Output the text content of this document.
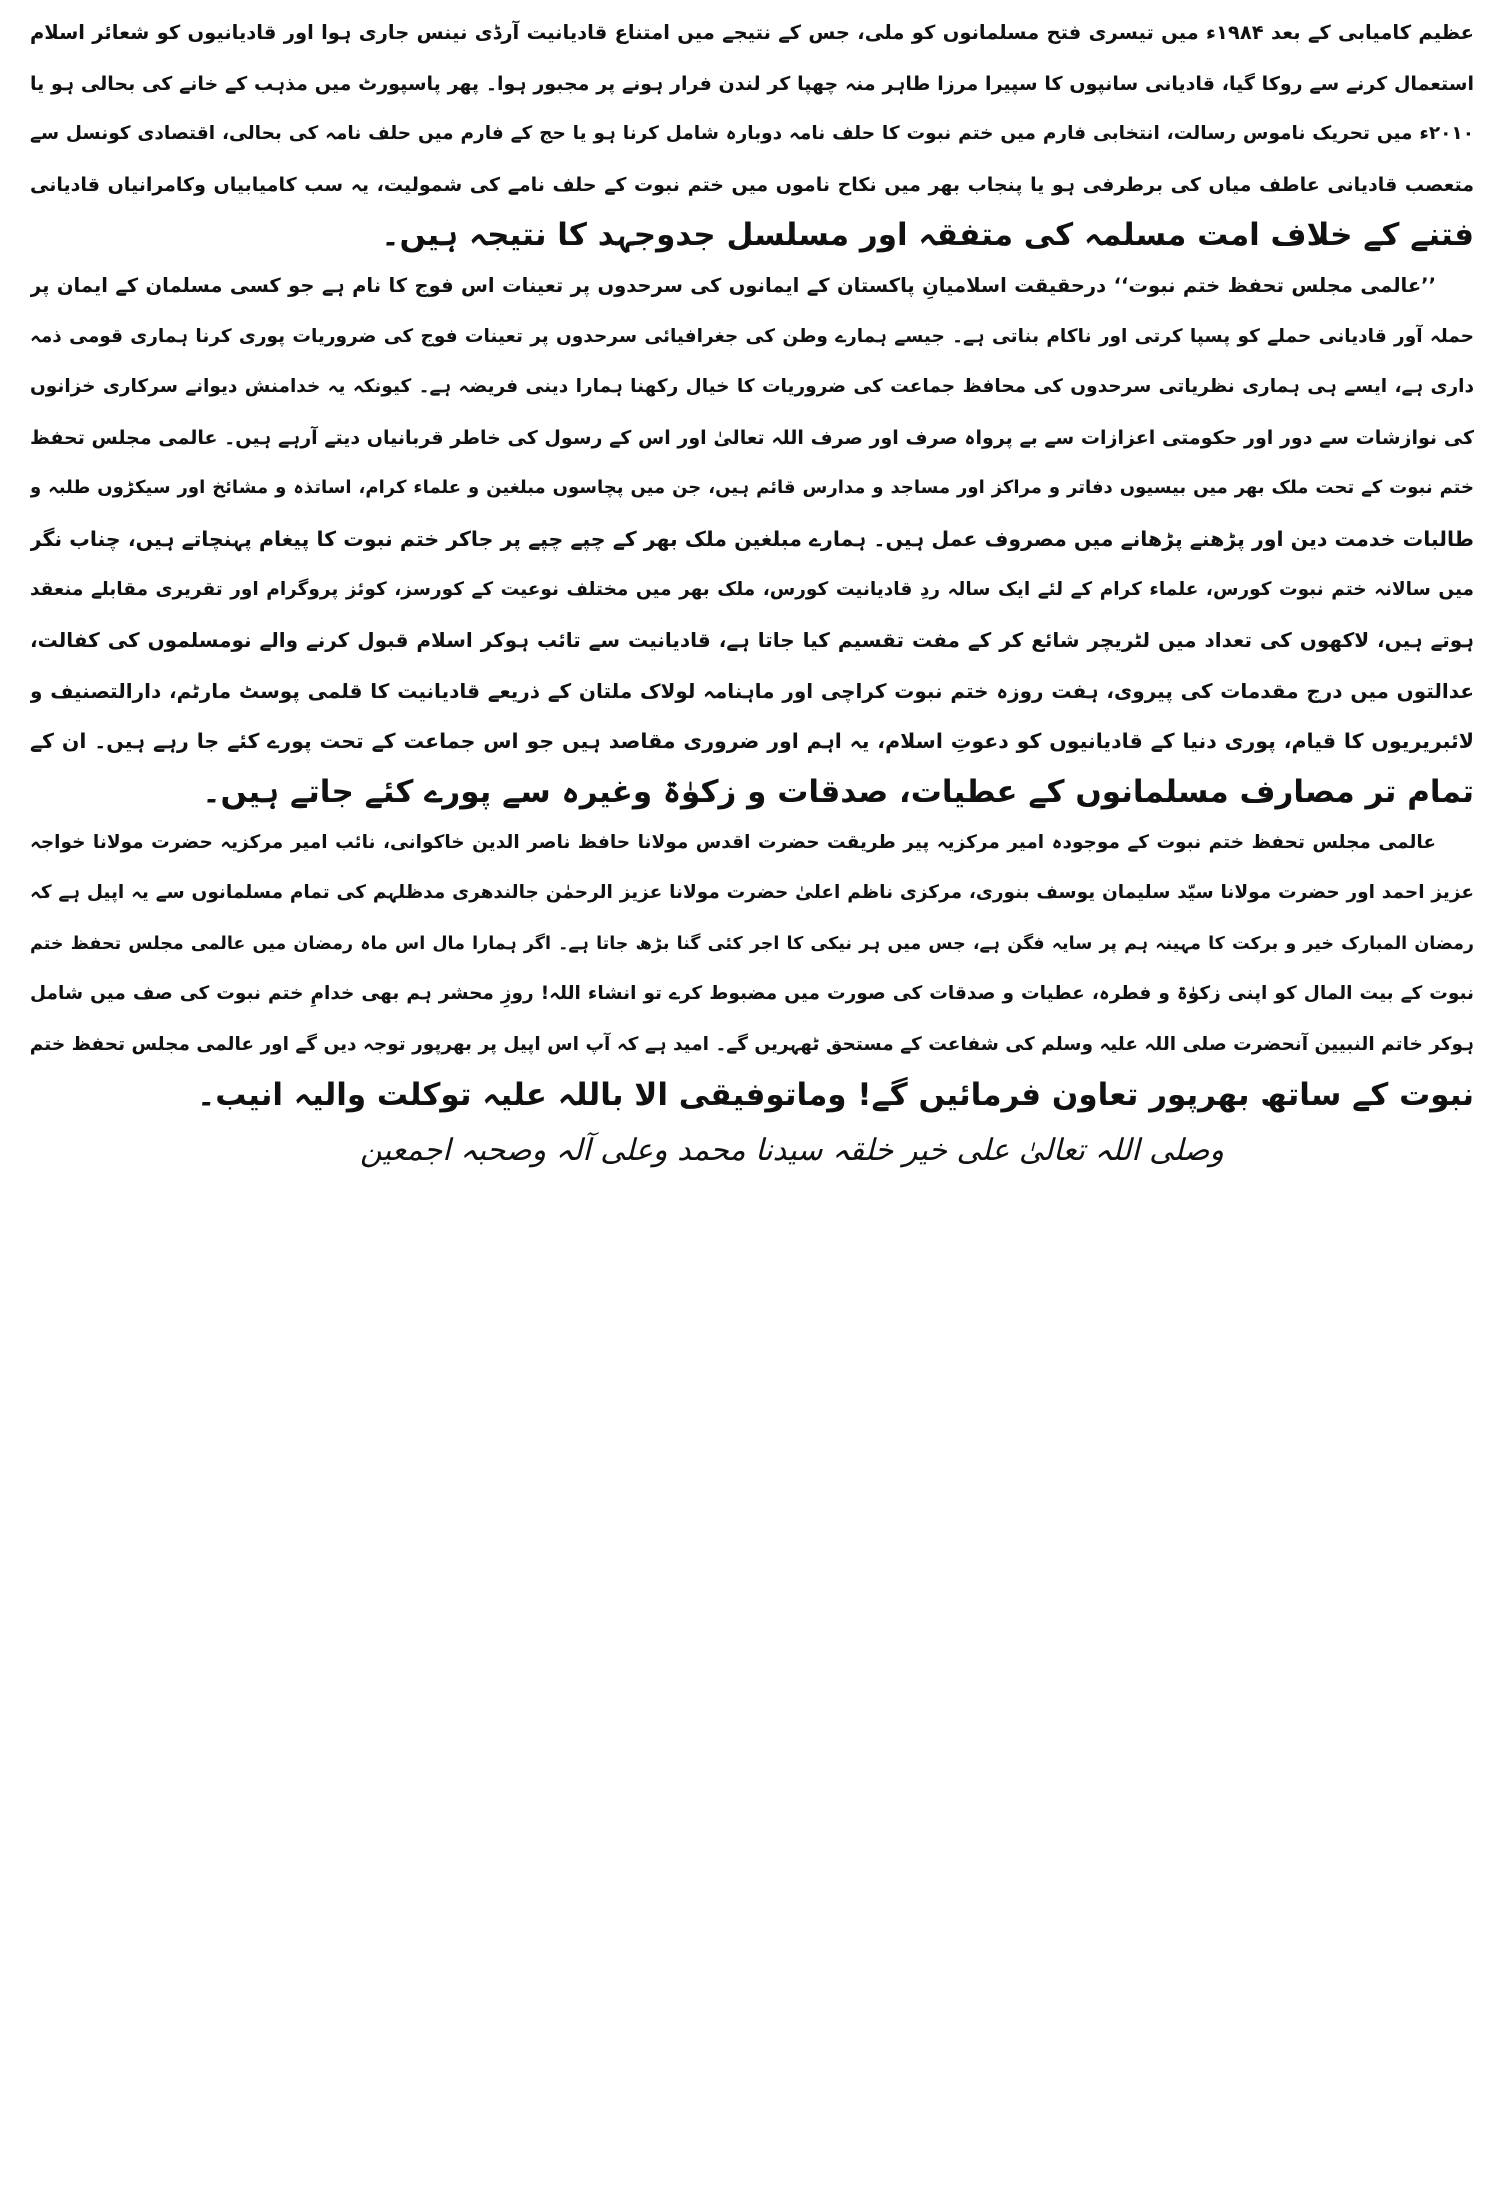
عظیم کامیابی کے بعد ۱۹۸۴ء میں تیسری فتح مسلمانوں کو ملی، جس کے نتیجے میں امتناع قادیانیت آرڈی نینس جاری ہوا اور قادیانیوں کو شعائر اسلام
استعمال کرنے سے روکا گیا، قادیانی سانپوں کا سپیرا مرزا طاہر منہ چھپا کر لندن فرار ہونے پر مجبور ہوا۔ پھر پاسپورٹ میں مذہب کے خانے کی بحالی ہو یا
۲۰۱۰ء میں تحریک ناموس رسالت، انتخابی فارم میں ختم نبوت کا حلف نامہ دوبارہ شامل کرنا ہو یا حج کے فارم میں حلف نامہ کی بحالی، اقتصادی کونسل سے
متعصب قادیانی عاطف میاں کی برطرفی ہو یا پنجاب بھر میں نکاح ناموں میں ختم نبوت کے حلف نامے کی شمولیت، یہ سب کامیابیاں وکامرانیاں قادیانی
فتنے کے خلاف امت مسلمہ کی متفقہ اور مسلسل جدوجہد کا نتیجہ ہیں۔
’’عالمی مجلس تحفظ ختم نبوت‘‘ درحقیقت اسلامیانِ پاکستان کے ایمانوں کی سرحدوں پر تعینات اس فوج کا نام ہے جو کسی مسلمان کے ایمان پر
حملہ آور قادیانی حملے کو پسپا کرتی اور ناکام بناتی ہے۔ جیسے ہمارے وطن کی جغرافیائی سرحدوں پر تعینات فوج کی ضروریات پوری کرنا ہماری قومی ذمہ
داری ہے، ایسے ہی ہماری نظریاتی سرحدوں کی محافظ جماعت کی ضروریات کا خیال رکھنا ہمارا دینی فریضہ ہے۔ کیونکہ یہ خدامنش دیوانے سرکاری خزانوں
کی نوازشات سے دور اور حکومتی اعزازات سے بے پرواہ صرف اور صرف اللہ تعالیٰ اور اس کے رسول کی خاطر قربانیاں دیتے آرہے ہیں۔ عالمی مجلس تحفظ
ختم نبوت کے تحت ملک بھر میں بیسیوں دفاتر و مراکز اور مساجد و مدارس قائم ہیں، جن میں پچاسوں مبلغین و علماء کرام، اساتذہ و مشائخ اور سیکڑوں طلبہ و
طالبات خدمت دین اور پڑھنے پڑھانے میں مصروف عمل ہیں۔ ہمارے مبلغین ملک بھر کے چپے چپے پر جاکر ختم نبوت کا پیغام پہنچاتے ہیں، چناب نگر
میں سالانہ ختم نبوت کورس، علماء کرام کے لئے ایک سالہ ردِ قادیانیت کورس، ملک بھر میں مختلف نوعیت کے کورسز، کوئز پروگرام اور تقریری مقابلے منعقد
ہوتے ہیں، لاکھوں کی تعداد میں لٹریچر شائع کر کے مفت تقسیم کیا جاتا ہے، قادیانیت سے تائب ہوکر اسلام قبول کرنے والے نومسلموں کی کفالت،
عدالتوں میں درج مقدمات کی پیروی، ہفت روزہ ختم نبوت کراچی اور ماہنامہ لولاک ملتان کے ذریعے قادیانیت کا قلمی پوسٹ مارٹم، دارالتصنیف و
لائبریریوں کا قیام، پوری دنیا کے قادیانیوں کو دعوتِ اسلام، یہ اہم اور ضروری مقاصد ہیں جو اس جماعت کے تحت پورے کئے جا رہے ہیں۔ ان کے
تمام تر مصارف مسلمانوں کے عطیات، صدقات و زکوٰۃ وغیرہ سے پورے کئے جاتے ہیں۔
عالمی مجلس تحفظ ختم نبوت کے موجودہ امیر مرکزیہ پیر طریقت حضرت اقدس مولانا حافظ ناصر الدین خاکوانی، نائب امیر مرکزیہ حضرت مولانا خواجہ
عزیز احمد اور حضرت مولانا سیّد سلیمان یوسف بنوری، مرکزی ناظم اعلیٰ حضرت مولانا عزیز الرحمٰن جالندھری مدظلہم کی تمام مسلمانوں سے یہ اپیل ہے کہ
رمضان المبارک خیر و برکت کا مہینہ ہم پر سایہ فگن ہے، جس میں ہر نیکی کا اجر کئی گنا بڑھ جاتا ہے۔ اگر ہمارا مال اس ماہ رمضان میں عالمی مجلس تحفظ ختم
نبوت کے بیت المال کو اپنی زکوٰۃ و فطرہ، عطیات و صدقات کی صورت میں مضبوط کرے تو انشاء اللہ! روزِ محشر ہم بھی خدامِ ختم نبوت کی صف میں شامل
ہوکر خاتم النبیین آنحضرت صلی اللہ علیہ وسلم کی شفاعت کے مستحق ٹھہریں گے۔ امید ہے کہ آپ اس اپیل پر بھرپور توجہ دیں گے اور عالمی مجلس تحفظ ختم
نبوت کے ساتھ بھرپور تعاون فرمائیں گے! وماتوفیقی الا باللہ علیہ توکلت والیہ انیب۔
وصلی اللہ تعالیٰ علی خیر خلقہ سیدنا محمد وعلی آلہ وصحبہ اجمعین
